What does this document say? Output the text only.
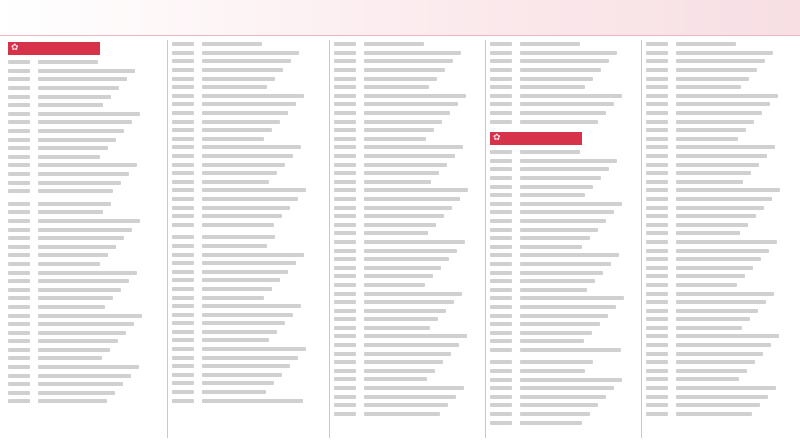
✿
✿
